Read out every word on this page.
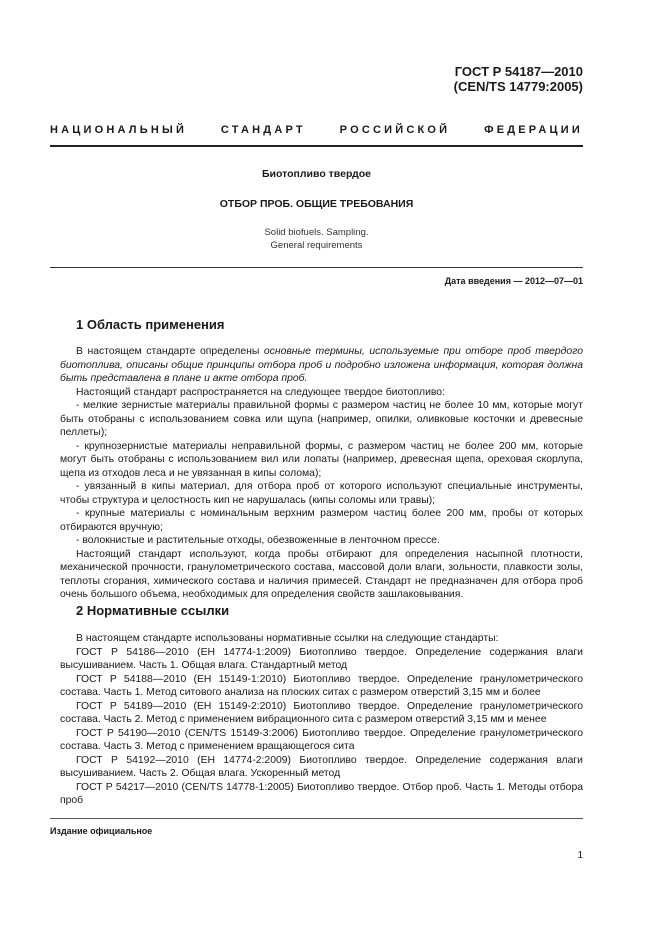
ГОСТ Р 54187—2010
(CEN/TS 14779:2005)
НАЦИОНАЛЬНЫЙ	СТАНДАРТ	РОССИЙСКОЙ	ФЕДЕРАЦИИ
Биотопливо твердое
ОТБОР ПРОБ. ОБЩИЕ ТРЕБОВАНИЯ
Solid biofuels. Sampling.
General requirements
Дата введения — 2012—07—01
1 Область применения

В настоящем стандарте определены основные термины, используемые при отборе проб твердого биотоплива, описаны общие принципы отбора проб и подробно изложена информация, которая должна быть представлена в плане и акте отбора проб.

Настоящий стандарт распространяется на следующее твердое биотопливо:

- мелкие зернистые материалы правильной формы с размером частиц не более 10 мм, которые могут быть отобраны с использованием совка или щупа (например, опилки, оливковые косточки и древесные пеллеты);

- крупнозернистые материалы неправильной формы, с размером частиц не более 200 мм, которые могут быть отобраны с использованием вил или лопаты (например, древесная щепа, ореховая скорлупа, щепа из отходов леса и не увязанная в кипы солома);

- увязанный в кипы материал, для отбора проб от которого используют специальные инструменты, чтобы структура и целостность кип не нарушалась (кипы соломы или травы);

- крупные материалы с номинальным верхним размером частиц более 200 мм, пробы от которых отбираются вручную;

- волокнистые и растительные отходы, обезвоженные в ленточном прессе.

Настоящий стандарт используют, когда пробы отбирают для определения насыпной плотности, механической прочности, гранулометрического состава, массовой доли влаги, зольности, плавкости золы, теплоты сгорания, химического состава и наличия примесей. Стандарт не предназначен для отбора проб очень большого объема, необходимых для определения свойств зашлаковывания.

2 Нормативные ссылки

В настоящем стандарте использованы нормативные ссылки на следующие стандарты:

ГОСТ Р 54186—2010 (ЕН 14774-1:2009) Биотопливо твердое. Определение содержания влаги высушиванием. Часть 1. Общая влага. Стандартный метод

ГОСТ Р 54188—2010 (ЕН 15149-1:2010) Биотопливо твердое. Определение гранулометрического состава. Часть 1. Метод ситового анализа на плоских ситах с размером отверстий 3,15 мм и более

ГОСТ Р 54189—2010 (ЕН 15149-2:2010) Биотопливо твердое. Определение гранулометрического состава. Часть 2. Метод с применением вибрационного сита с размером отверстий 3,15 мм и менее

ГОСТ Р 54190—2010 (CEN/TS 15149-3:2006) Биотопливо твердое. Определение гранулометрического состава. Часть 3. Метод с применением вращающегося сита

ГОСТ Р 54192—2010 (ЕН 14774-2:2009) Биотопливо твердое. Определение содержания влаги высушиванием. Часть 2. Общая влага. Ускоренный метод

ГОСТ Р 54217—2010 (CEN/TS 14778-1:2005) Биотопливо твердое. Отбор проб. Часть 1. Методы отбора проб

Издание официальное
1
